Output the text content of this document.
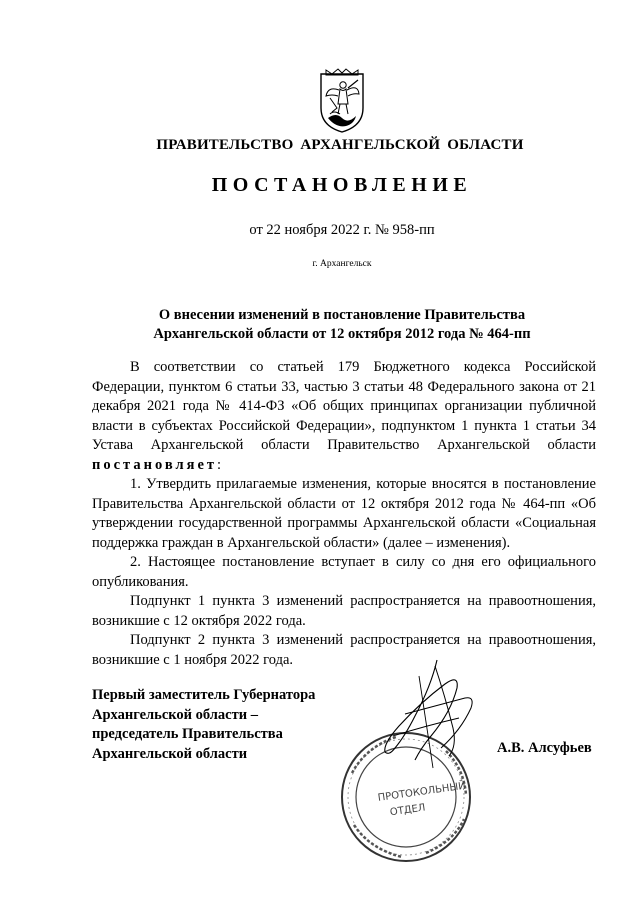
ПРАВИТЕЛЬСТВО АРХАНГЕЛЬСКОЙ ОБЛАСТИ
ПОСТАНОВЛЕНИЕ
от 22 ноября 2022 г. № 958-пп
г. Архангельск
О внесении изменений в постановление Правительства
Архангельской области от 12 октября 2012 года № 464-пп

В соответствии со статьей 179 Бюджетного кодекса Российской Федерации, пунктом 6 статьи 33, частью 3 статьи 48 Федерального закона от 21 декабря 2021 года № 414-ФЗ «Об общих принципах организации публичной власти в субъектах Российской Федерации», подпунктом 1 пункта 1 статьи 34 Устава Архангельской области Правительство Архангельской области постановляет:

1. Утвердить прилагаемые изменения, которые вносятся в постановление Правительства Архангельской области от 12 октября 2012 года № 464-пп «Об утверждении государственной программы Архангельской области «Социальная поддержка граждан в Архангельской области» (далее – изменения).

2. Настоящее постановление вступает в силу со дня его официального опубликования.

Подпункт 1 пункта 3 изменений распространяется на правоотношения, возникшие с 12 октября 2022 года.

Подпункт 2 пункта 3 изменений распространяется на правоотношения, возникшие с 1 ноября 2022 года.

Первый заместитель Губернатора
Архангельской области –
председатель Правительства
Архангельской области
ПРОТОКОЛЬНЫЙ
ОТДЕЛ
А.В. Алсуфьев
